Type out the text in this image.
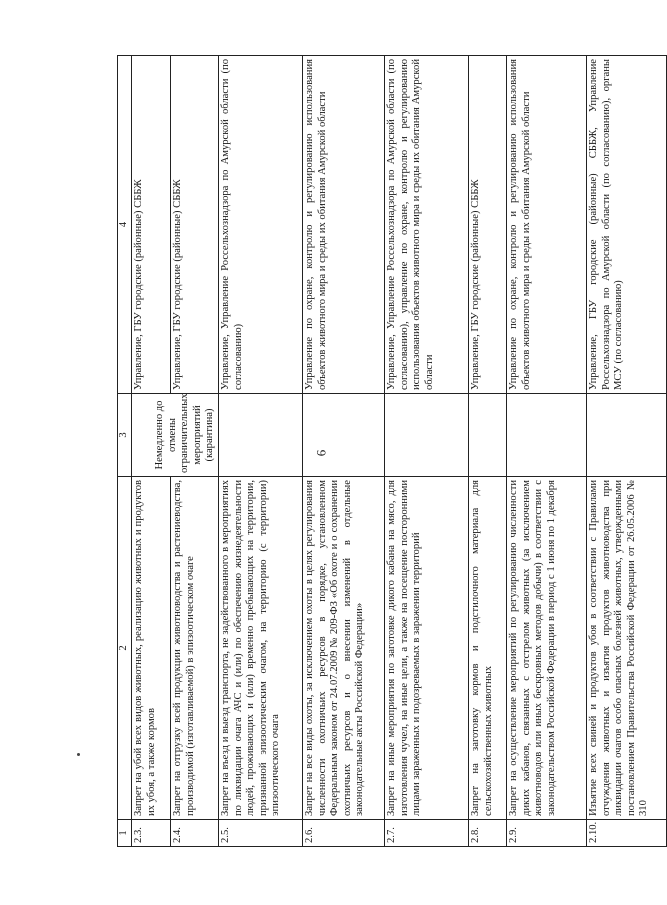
6
1	2	3	4
2.3.	Запрет на убой всех видов животных, реализацию животных и продуктов их убоя, а также кормов	Немедленно до отмены ограничительных мероприятий (карантина)	Управление, ГБУ городские (районные) СББЖ
2.4.	Запрет на отгрузку всей продукции животноводства и растениеводства, производимой (изготавливаемой) в эпизоотическом очаге		Управление, ГБУ городские (районные) СББЖ
2.5.	Запрет на въезд и выезд транспорта, не задействованного в мероприятиях по ликвидации очага АЧС и (или) по обеспечению жизнедеятельности людей, проживающих и (или) временно пребывающих на территории, признанной эпизоотическим очагом, на территорию (с территории) эпизоотического очага		Управление, Управление Россельхознадзора по Амурской области (по согласованию)
2.6.	Запрет на все виды охоты, за исключением охоты в целях регулирования численности охотничьих ресурсов в порядке, установленном Федеральным законом от 24.07.2009 № 209-ФЗ «Об охоте и о сохранении охотничьих ресурсов и о внесении изменений в отдельные законодательные акты Российской Федерации»		Управление по охране, контролю и регулированию использования объектов животного мира и среды их обитания Амурской области
2.7.	Запрет на иные мероприятия по заготовке дикого кабана на мясо, для изготовления чучел, на иные цели, а также на посещение посторонними лицами зараженных и подозреваемых в заражении территорий		Управление, Управление Россельхознадзора по Амурской области (по согласованию), управление по охране, контролю и регулированию использования объектов животного мира и среды их обитания Амурской области
2.8.	Запрет на заготовку кормов и подстилочного материала для сельскохозяйственных животных		Управление, ГБУ городские (районные) СББЖ
2.9.	Запрет на осуществление мероприятий по регулированию численности диких кабанов, связанных с отстрелом животных (за исключением животноводов или иных бескровных методов добычи) в соответствии с законодательством Российской Федерации в период с 1 июня по 1 декабря		Управление по охране, контролю и регулированию использования объектов животного мира и среды их обитания Амурской области
2.10.	Изъятие всех свиней и продуктов убоя в соответствии с Правилами отчуждения животных и изъятия продуктов животноводства при ликвидации очагов особо опасных болезней животных, утвержденными постановлением Правительства Российской Федерации от 26.05.2006 № 310		Управление, ГБУ городские (районные) СББЖ, Управление Россельхознадзора по Амурской области (по согласованию), органы МСУ (по согласованию)
